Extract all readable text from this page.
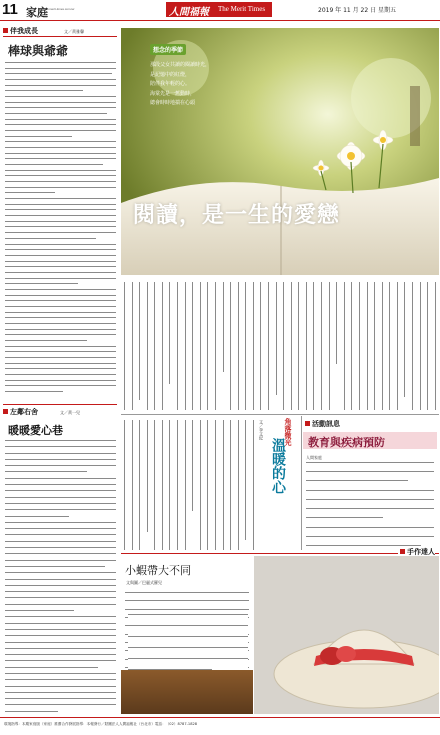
11 家庭
www.merit-times.com.tw	人間福報 The Merit Times	2019 年 11 月 22 日 星期五
伴我成長
棒球與爺爺
文／黃雅馨
想念的季節
那段父女共讀的閱讀時光，
是記憶中的紅燈，
陪伴我年輕的心。
海棠先是一舊動時，
總會時時地揣在心頭
閱讀，是一生的愛戀
角落微光
溫暖的心
文／李文紀	活動訊息
教育與疾病預防
人間家庭
手作達人
小蝦帶大不同
文與圖／巴麗式羅兒
左鄰右舍	文／黃一兒
暖暖愛心巷
環境指導：本期家庭版（家庭）推薦合作發展指導：本報發行／財團法人人間福報社（台北市）電話：（02）8787-1828
